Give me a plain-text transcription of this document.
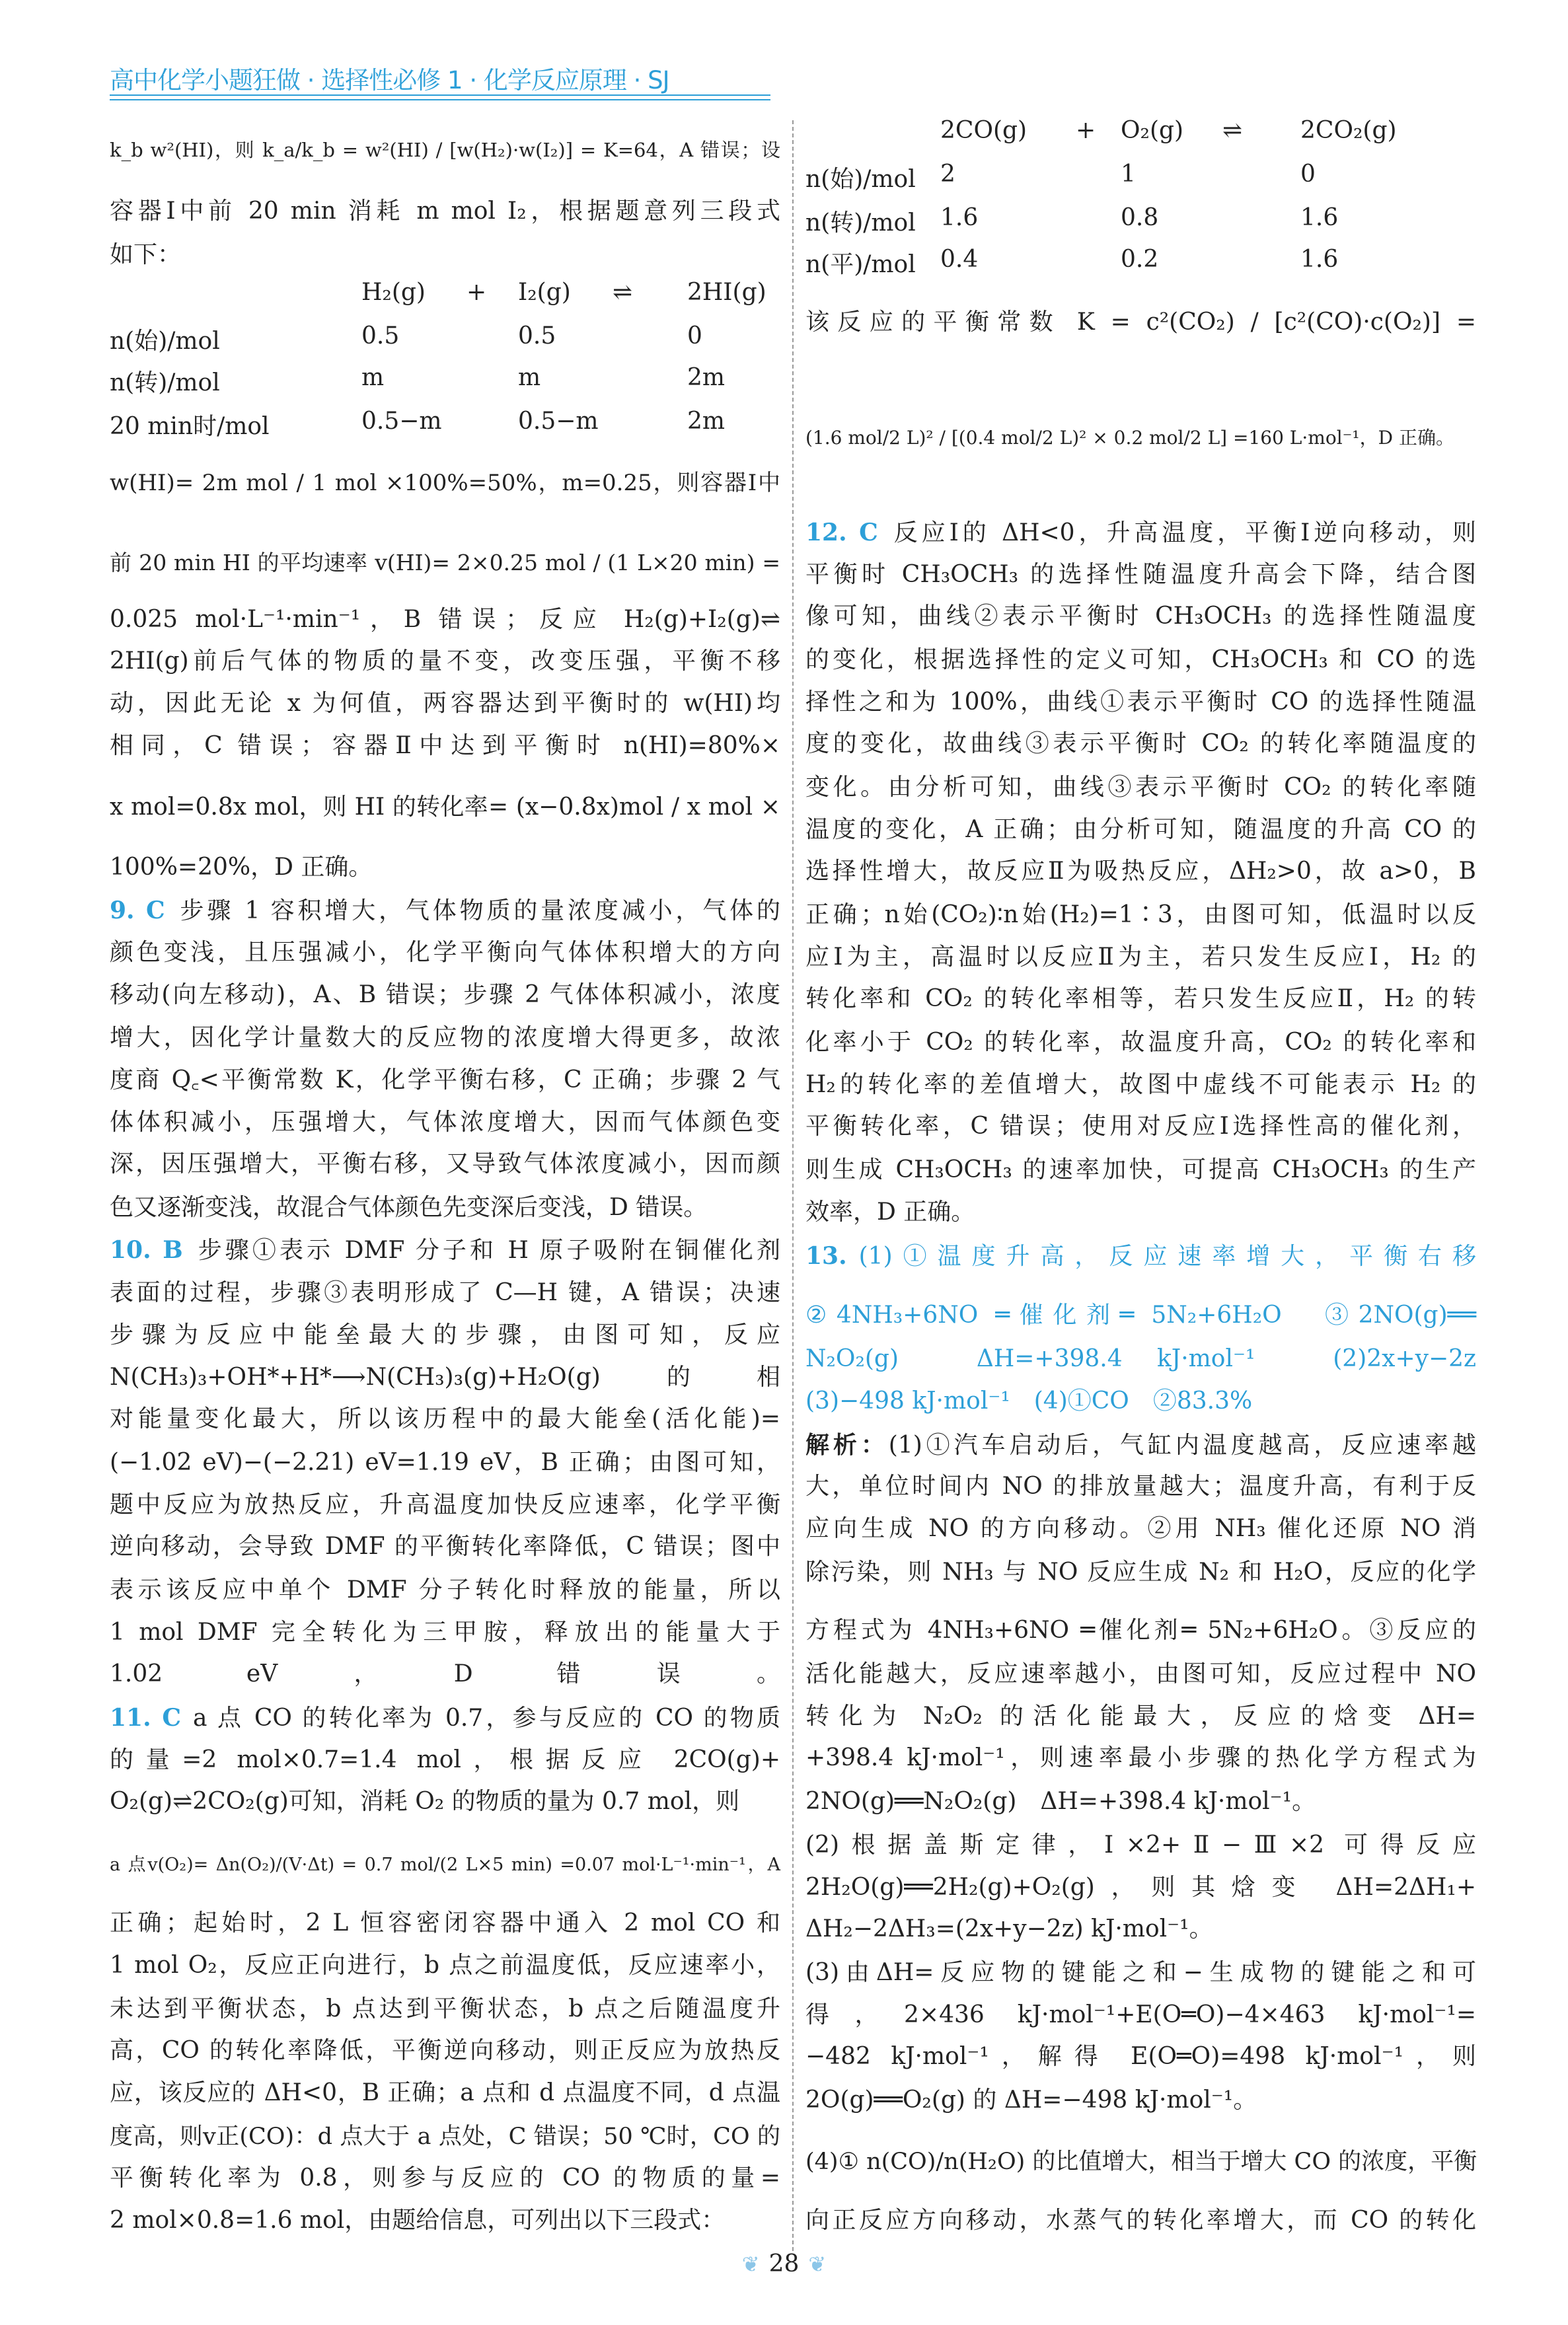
高中化学小题狂做 · 选择性必修 1 · 化学反应原理 · SJ
k_b w²(HI)，则 k_a/k_b = w²(HI) / [w(H₂)·w(I₂)] = K=64，A 错误；设
容器Ⅰ中前 20 min 消耗 m mol I₂，根据题意列三段式
如下：
w(HI)= 2m mol / 1 mol ×100%=50%，m=0.25，则容器Ⅰ中
前 20 min HI 的平均速率 v(HI)= 2×0.25 mol / (1 L×20 min) =
0.025 mol·L⁻¹·min⁻¹，B 错误；反应 H₂(g)+I₂(g)⇌
2HI(g)前后气体的物质的量不变，改变压强，平衡不移
动，因此无论 x 为何值，两容器达到平衡时的 w(HI)均
相同，C 错误；容器Ⅱ中达到平衡时 n(HI)=80%×
x mol=0.8x mol，则 HI 的转化率= (x−0.8x)mol / x mol ×
100%=20%，D 正确。
9. C 步骤 1 容积增大，气体物质的量浓度减小，气体的
颜色变浅，且压强减小，化学平衡向气体体积增大的方向
移动(向左移动)，A、B 错误；步骤 2 气体体积减小，浓度
增大，因化学计量数大的反应物的浓度增大得更多，故浓
度商 Q꜀<平衡常数 K，化学平衡右移，C 正确；步骤 2 气
体体积减小，压强增大，气体浓度增大，因而气体颜色变
深，因压强增大，平衡右移，又导致气体浓度减小，因而颜
色又逐渐变浅，故混合气体颜色先变深后变浅，D 错误。
10. B 步骤①表示 DMF 分子和 H 原子吸附在铜催化剂
表面的过程，步骤③表明形成了 C—H 键，A 错误；决速
步骤为反应中能垒最大的步骤，由图可知，反应
N(CH₃)₃+OH*+H*⟶N(CH₃)₃(g)+H₂O(g)的相
对能量变化最大，所以该历程中的最大能垒(活化能)=
(−1.02 eV)−(−2.21) eV=1.19 eV，B 正确；由图可知，
题中反应为放热反应，升高温度加快反应速率，化学平衡
逆向移动，会导致 DMF 的平衡转化率降低，C 错误；图中
表示该反应中单个 DMF 分子转化时释放的能量，所以
1 mol DMF 完全转化为三甲胺，释放出的能量大于
1.02 eV，D 错误。
11. C a 点 CO 的转化率为 0.7，参与反应的 CO 的物质
的量=2 mol×0.7=1.4 mol，根据反应 2CO(g)+
O₂(g)⇌2CO₂(g)可知，消耗 O₂ 的物质的量为 0.7 mol，则
a 点v(O₂)= Δn(O₂)/(V·Δt) = 0.7 mol/(2 L×5 min) =0.07 mol·L⁻¹·min⁻¹，A
正确；起始时，2 L 恒容密闭容器中通入 2 mol CO 和
1 mol O₂，反应正向进行，b 点之前温度低，反应速率小，
未达到平衡状态，b 点达到平衡状态，b 点之后随温度升
高，CO 的转化率降低，平衡逆向移动，则正反应为放热反
应，该反应的 ΔH<0，B 正确；a 点和 d 点温度不同，d 点温
度高，则v正(CO)：d 点大于 a 点处，C 错误；50 ℃时，CO 的
平衡转化率为 0.8，则参与反应的 CO 的物质的量=
2 mol×0.8=1.6 mol，由题给信息，可列出以下三段式：
该反应的平衡常数 K = c²(CO₂) / [c²(CO)·c(O₂)] =
(1.6 mol/2 L)² / [(0.4 mol/2 L)² × 0.2 mol/2 L] =160 L·mol⁻¹，D 正确。
12. C 反应Ⅰ的 ΔH<0，升高温度，平衡Ⅰ逆向移动，则
平衡时 CH₃OCH₃ 的选择性随温度升高会下降，结合图
像可知，曲线②表示平衡时 CH₃OCH₃ 的选择性随温度
的变化，根据选择性的定义可知，CH₃OCH₃ 和 CO 的选
择性之和为 100%，曲线①表示平衡时 CO 的选择性随温
度的变化，故曲线③表示平衡时 CO₂ 的转化率随温度的
变化。由分析可知，曲线③表示平衡时 CO₂ 的转化率随
温度的变化，A 正确；由分析可知，随温度的升高 CO 的
选择性增大，故反应Ⅱ为吸热反应，ΔH₂>0，故 a>0，B
正确；n始(CO₂)∶n始(H₂)=1∶3，由图可知，低温时以反
应Ⅰ为主，高温时以反应Ⅱ为主，若只发生反应Ⅰ，H₂ 的
转化率和 CO₂ 的转化率相等，若只发生反应Ⅱ，H₂ 的转
化率小于 CO₂ 的转化率，故温度升高，CO₂ 的转化率和
H₂的转化率的差值增大，故图中虚线不可能表示 H₂ 的
平衡转化率，C 错误；使用对反应Ⅰ选择性高的催化剂，
则生成 CH₃OCH₃ 的速率加快，可提高 CH₃OCH₃ 的生产
效率，D 正确。
13. (1)①温度升高，反应速率增大，平衡右移
②4NH₃+6NO ═催化剂═ 5N₂+6H₂O　③2NO(g)══
N₂O₂(g)　ΔH=+398.4 kJ·mol⁻¹　(2)2x+y−2z
(3)−498 kJ·mol⁻¹　(4)①CO　②83.3%
解析：(1)①汽车启动后，气缸内温度越高，反应速率越
大，单位时间内 NO 的排放量越大；温度升高，有利于反
应向生成 NO 的方向移动。②用 NH₃ 催化还原 NO 消
除污染，则 NH₃ 与 NO 反应生成 N₂ 和 H₂O，反应的化学
方程式为 4NH₃+6NO ═催化剂═ 5N₂+6H₂O。③反应的
活化能越大，反应速率越小，由图可知，反应过程中 NO
转化为 N₂O₂ 的活化能最大，反应的焓变 ΔH=
+398.4 kJ·mol⁻¹，则速率最小步骤的热化学方程式为
2NO(g)══N₂O₂(g)　ΔH=+398.4 kJ·mol⁻¹。
(2)根据盖斯定律，Ⅰ×2+Ⅱ−Ⅲ×2 可得反应
2H₂O(g)══2H₂(g)+O₂(g)，则其焓变 ΔH=2ΔH₁+
ΔH₂−2ΔH₃=(2x+y−2z) kJ·mol⁻¹。
(3)由ΔH=反应物的键能之和−生成物的键能之和可
得，2×436 kJ·mol⁻¹+E(O═O)−4×463 kJ·mol⁻¹=
−482 kJ·mol⁻¹，解得 E(O═O)=498 kJ·mol⁻¹，则
2O(g)══O₂(g) 的 ΔH=−498 kJ·mol⁻¹。
(4)① n(CO)/n(H₂O) 的比值增大，相当于增大 CO 的浓度，平衡
向正反应方向移动，水蒸气的转化率增大，而 CO 的转化
H₂(g) + I₂(g) ⇌ 2HI(g)
n(始)/mol	0.5	0.5	0
n(转)/mol	m	m	2m
20 min时/mol	0.5−m	0.5−m	2m
2CO(g) + O₂(g) ⇌ 2CO₂(g)
n(始)/mol 2	1	0
n(转)/mol 1.6	0.8	1.6
n(平)/mol 0.4	0.2	1.6
❦ 28 ❦
